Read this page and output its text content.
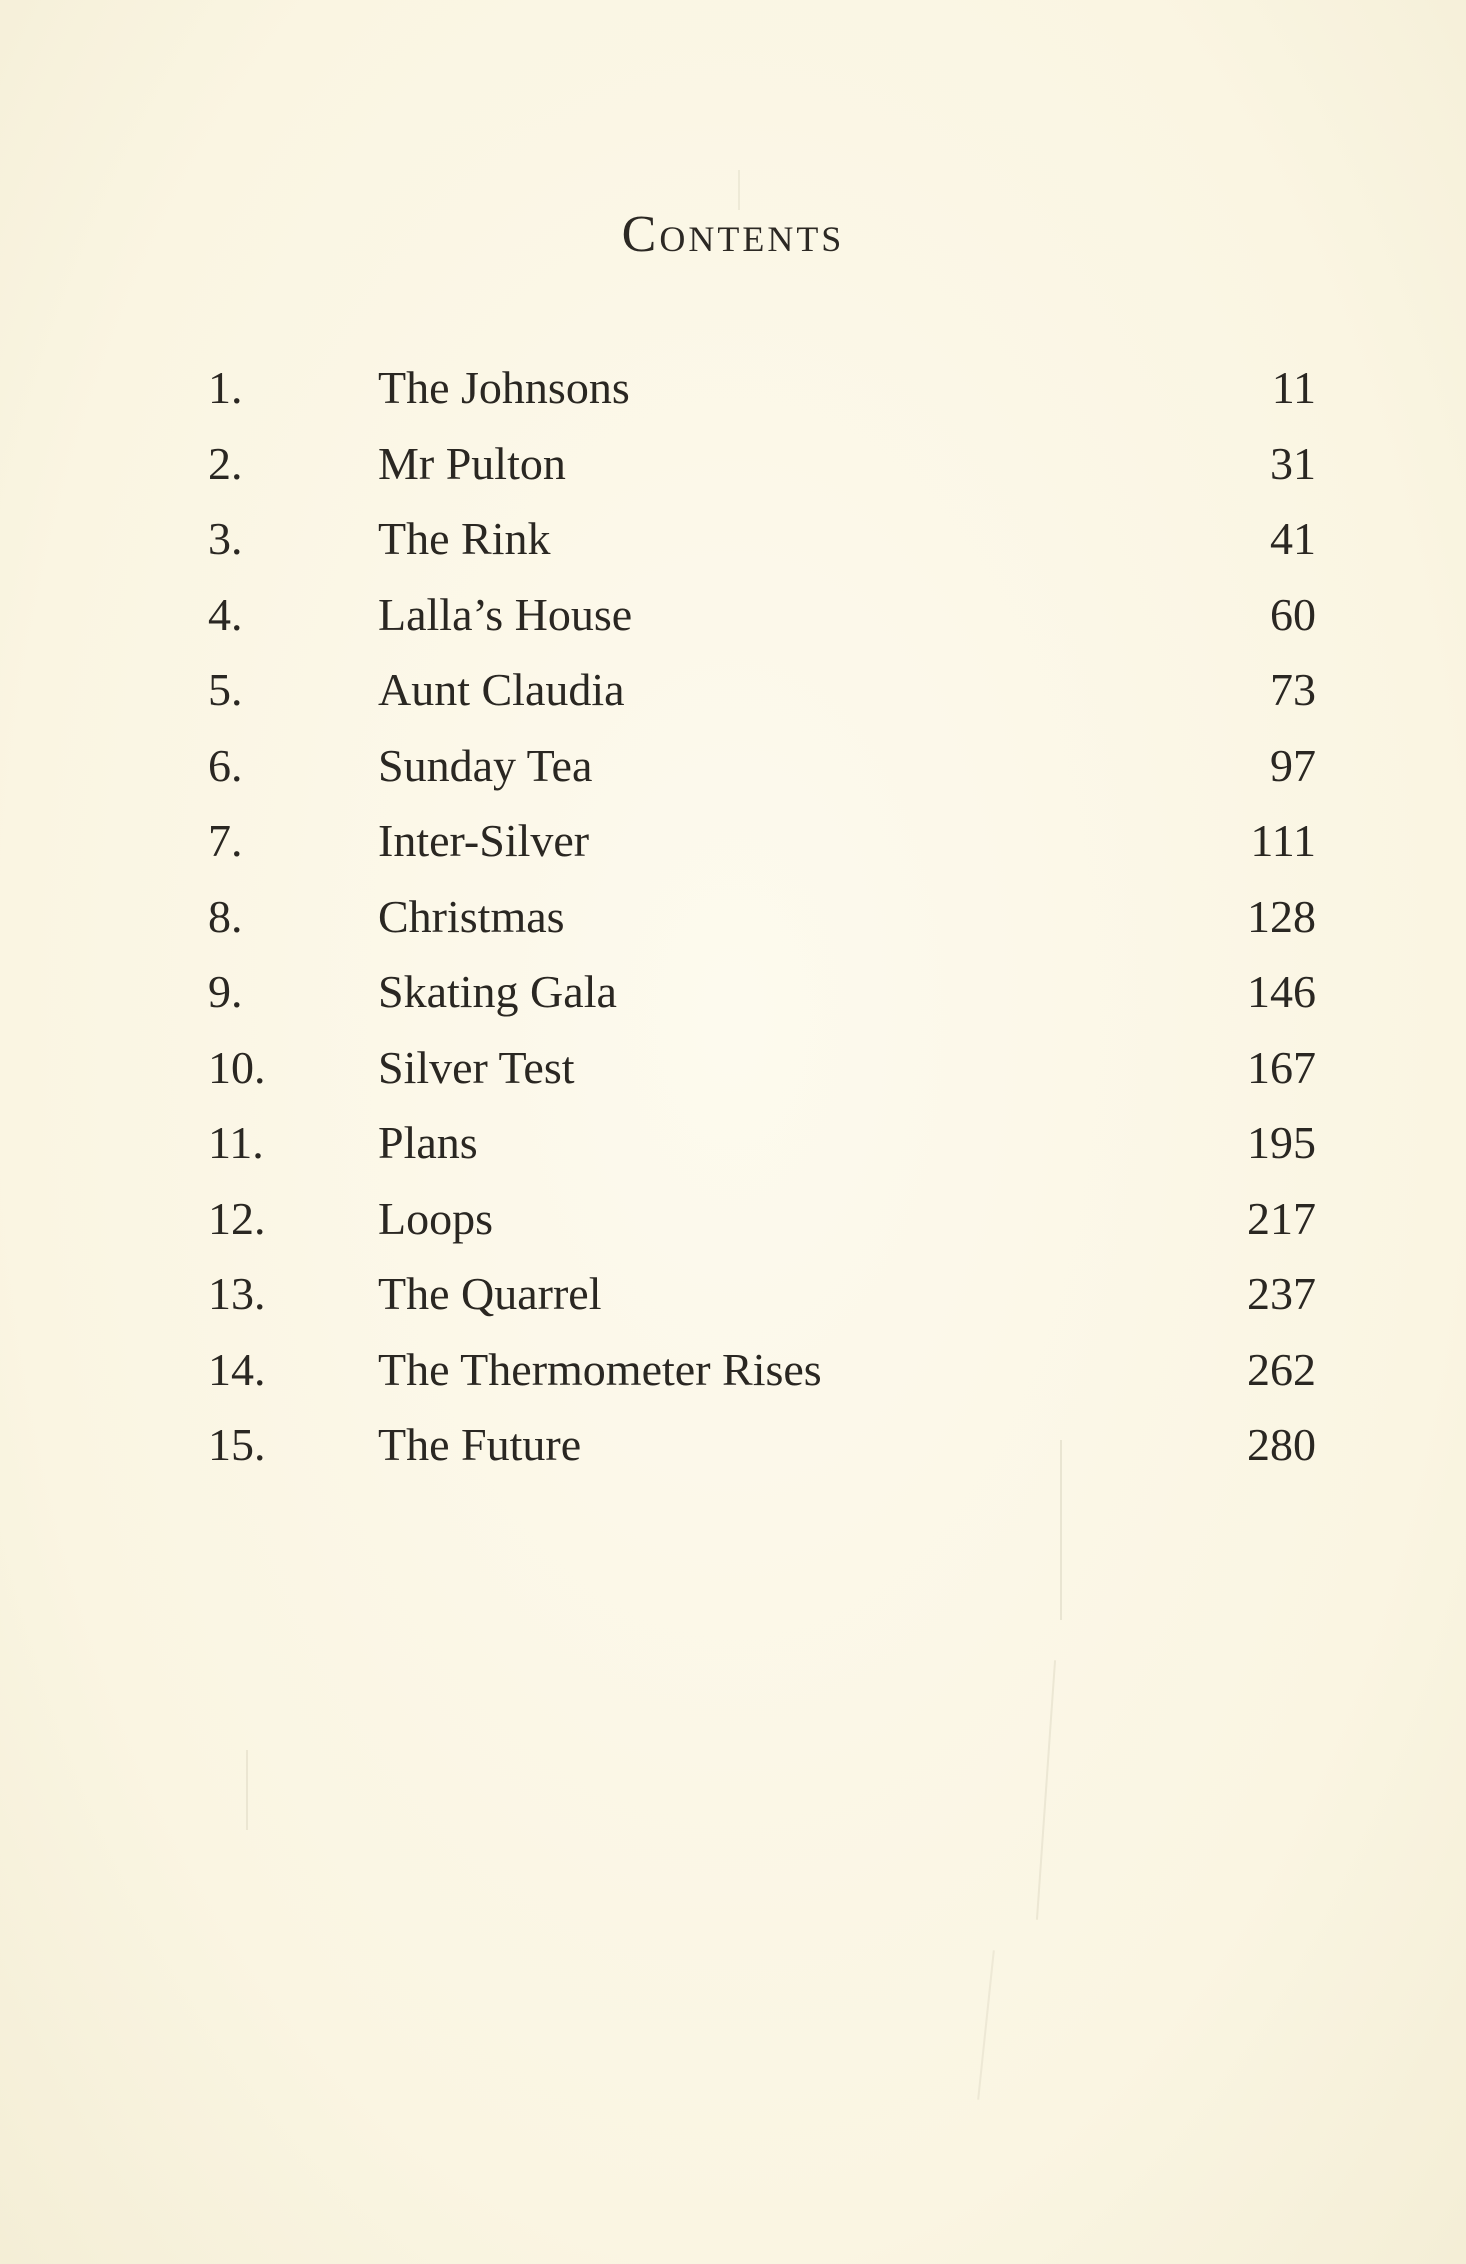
Contents
1.	The Johnsons	11
2.	Mr Pulton	31
3.	The Rink	41
4.	Lalla’s House	60
5.	Aunt Claudia	73
6.	Sunday Tea	97
7.	Inter-Silver	111
8.	Christmas	128
9.	Skating Gala	146
10. Silver Test	167
11. Plans	195
12. Loops	217
13. The Quarrel	237
14. The Thermometer Rises	262
15. The Future	280
